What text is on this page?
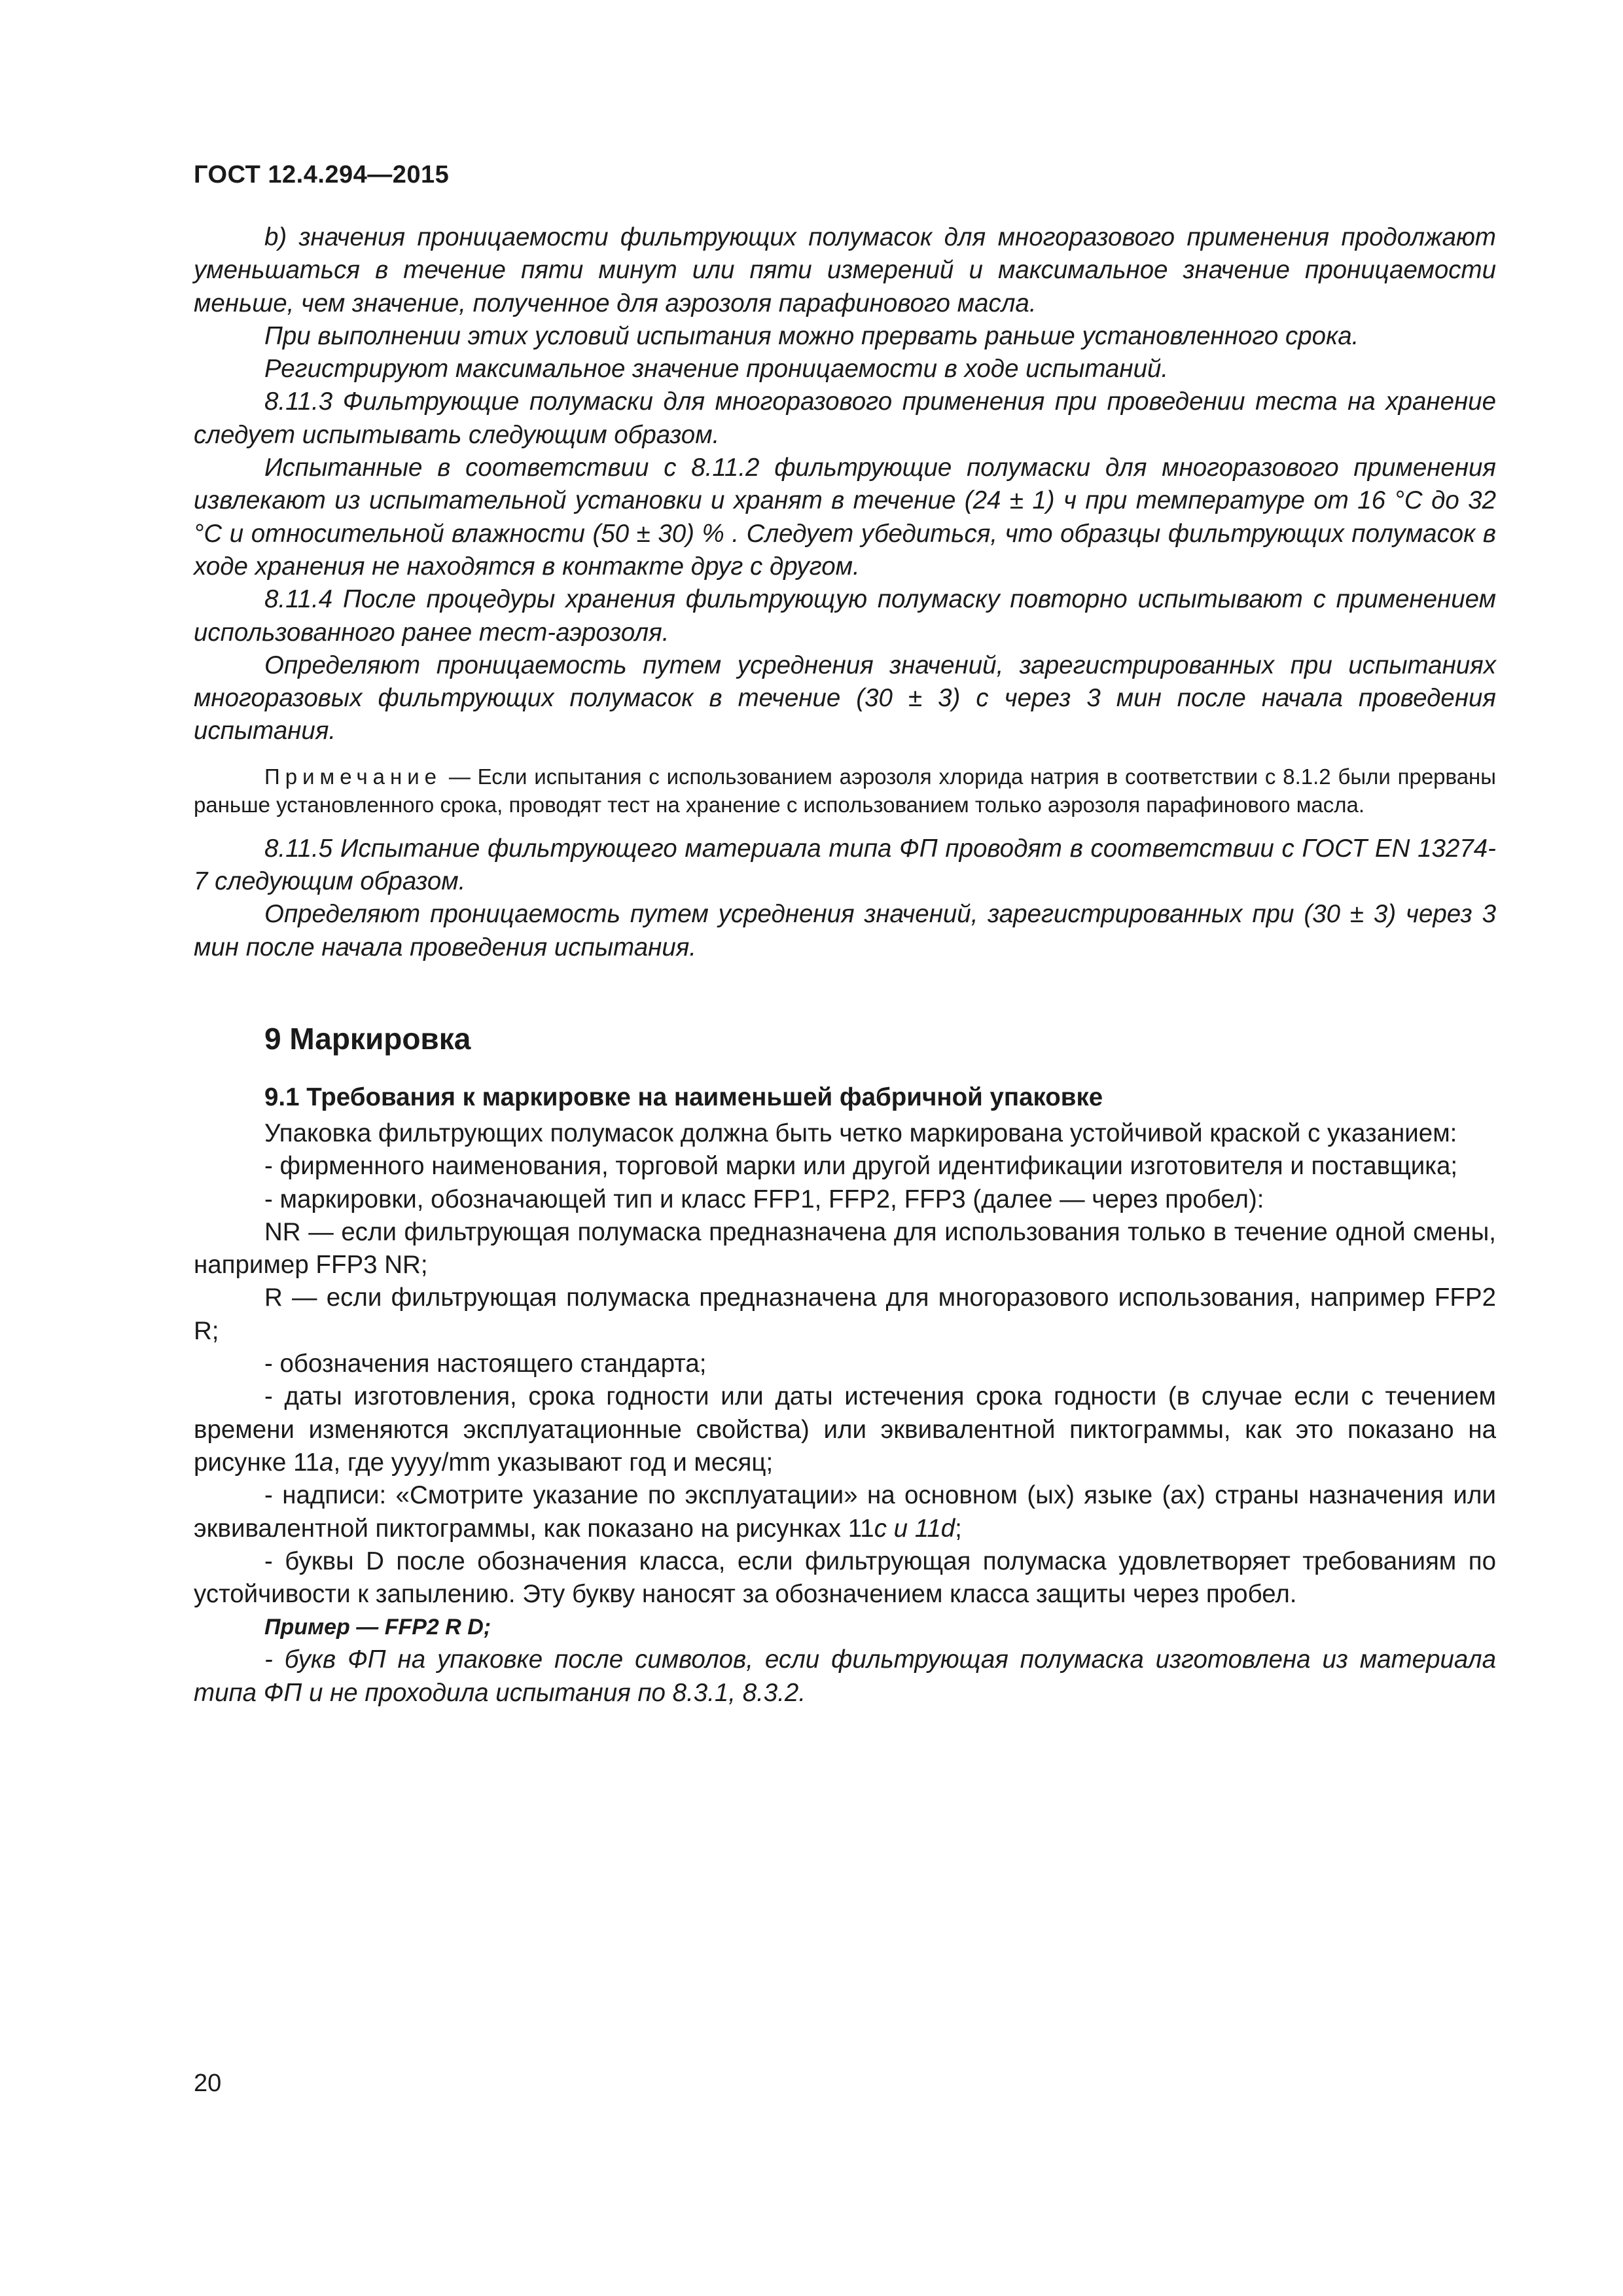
ГОСТ 12.4.294—2015

b) значения проницаемости фильтрующих полумасок для многоразового применения продолжают уменьшаться в течение пяти минут или пяти измерений и максимальное значение проницаемости меньше, чем значение, полученное для аэрозоля парафинового масла.

При выполнении этих условий испытания можно прервать раньше установленного срока.

Регистрируют максимальное значение проницаемости в ходе испытаний.

8.11.3 Фильтрующие полумаски для многоразового применения при проведении теста на хранение следует испытывать следующим образом.

Испытанные в соответствии с 8.11.2 фильтрующие полумаски для многоразового применения извлекают из испытательной установки и хранят в течение (24 ± 1) ч при температуре от 16 °С до 32 °С и относительной влажности (50 ± 30) % . Следует убедиться, что образцы фильтрующих полумасок в ходе хранения не находятся в контакте друг с другом.

8.11.4 После процедуры хранения фильтрующую полумаску повторно испытывают с применением использованного ранее тест-аэрозоля.

Определяют проницаемость путем усреднения значений, зарегистрированных при испытаниях многоразовых фильтрующих полумасок в течение (30 ± 3) с через 3 мин после начала проведения испытания.

Примечание — Если испытания с использованием аэрозоля хлорида натрия в соответствии с 8.1.2 были прерваны раньше установленного срока, проводят тест на хранение с использованием только аэрозоля парафинового масла.

8.11.5 Испытание фильтрующего материала типа ФП проводят в соответствии с ГОСТ EN 13274-7 следующим образом.

Определяют проницаемость путем усреднения значений, зарегистрированных при (30 ± 3) через 3 мин после начала проведения испытания.

9 Маркировка
9.1 Требования к маркировке на наименьшей фабричной упаковке

Упаковка фильтрующих полумасок должна быть четко маркирована устойчивой краской с указанием:

- фирменного наименования, торговой марки или другой идентификации изготовителя и поставщика;

- маркировки, обозначающей тип и класс FFP1, FFP2, FFP3 (далее — через пробел):

NR — если фильтрующая полумаска предназначена для использования только в течение одной смены, например FFP3 NR;

R — если фильтрующая полумаска предназначена для многоразового использования, например FFP2 R;

- обозначения настоящего стандарта;

- даты изготовления, срока годности или даты истечения срока годности (в случае если с течением времени изменяются эксплуатационные свойства) или эквивалентной пиктограммы, как это показано на рисунке 11а, где уууу/mm указывают год и месяц;

- надписи: «Смотрите указание по эксплуатации» на основном (ых) языке (ах) страны назначения или эквивалентной пиктограммы, как показано на рисунках 11с и 11d;

- буквы D после обозначения класса, если фильтрующая полумаска удовлетворяет требованиям по устойчивости к запылению. Эту букву наносят за обозначением класса защиты через пробел.

Пример — FFP2 R D;

- букв ФП на упаковке после символов, если фильтрующая полумаска изготовлена из материала типа ФП и не проходила испытания по 8.3.1, 8.3.2.

20
